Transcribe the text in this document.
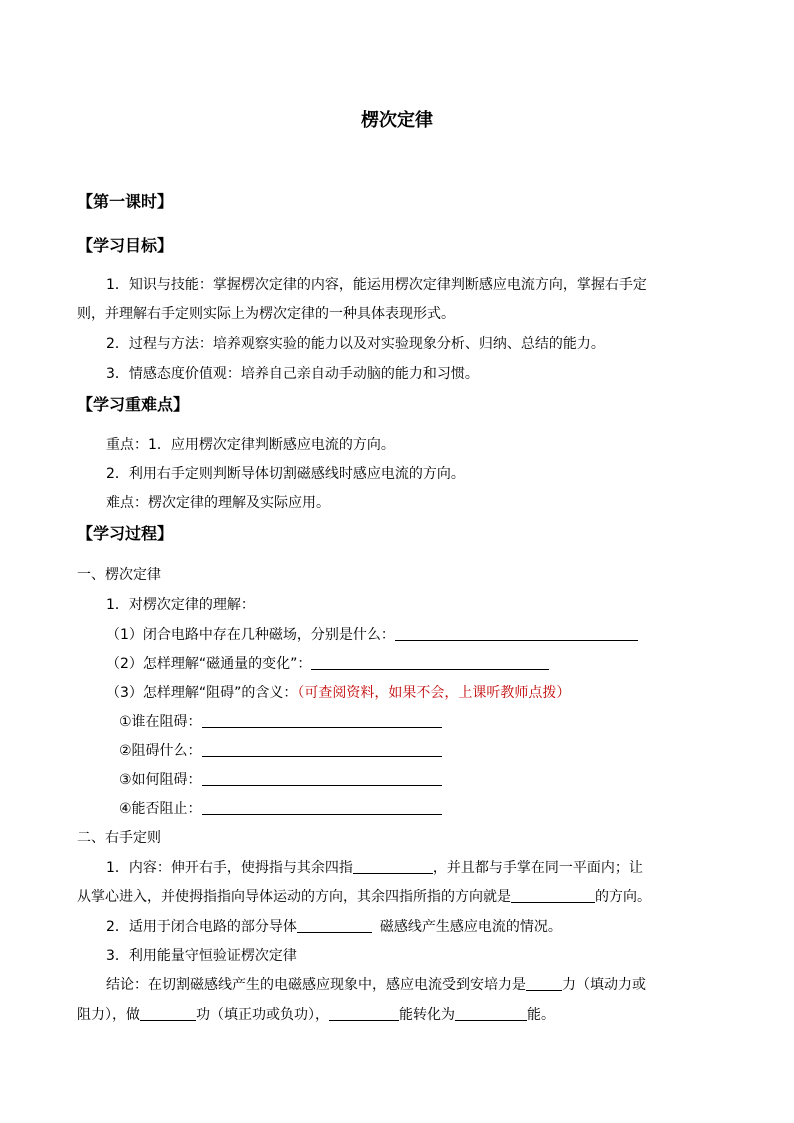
楞次定律
【第一课时】
【学习目标】
1．知识与技能：掌握楞次定律的内容，能运用楞次定律判断感应电流方向，掌握右手定
则，并理解右手定则实际上为楞次定律的一种具体表现形式。
2．过程与方法：培养观察实验的能力以及对实验现象分析、归纳、总结的能力。
3．情感态度价值观：培养自己亲自动手动脑的能力和习惯。
【学习重难点】
重点：1．应用楞次定律判断感应电流的方向。
2．利用右手定则判断导体切割磁感线时感应电流的方向。
难点：楞次定律的理解及实际应用。
【学习过程】
一、楞次定律
1．对楞次定律的理解：
（1）闭合电路中存在几种磁场，分别是什么：
（2）怎样理解“磁通量的变化”：
（3）怎样理解“阻碍”的含义：（可查阅资料，如果不会，上课听教师点拨）
①谁在阻碍：
②阻碍什么：
③如何阻碍：
④能否阻止：
二、右手定则
1．内容：伸开右手，使拇指与其余四指	，并且都与手掌在同一平面内；让
从掌心进入，并使拇指指向导体运动的方向，其余四指所指的方向就是	的方向。
2．适用于闭合电路的部分导体	磁感线产生感应电流的情况。
3．利用能量守恒验证楞次定律
结论：在切割磁感线产生的电磁感应现象中，感应电流受到安培力是	力（填动力或
阻力），做	功（填正功或负功），	能转化为	能。
